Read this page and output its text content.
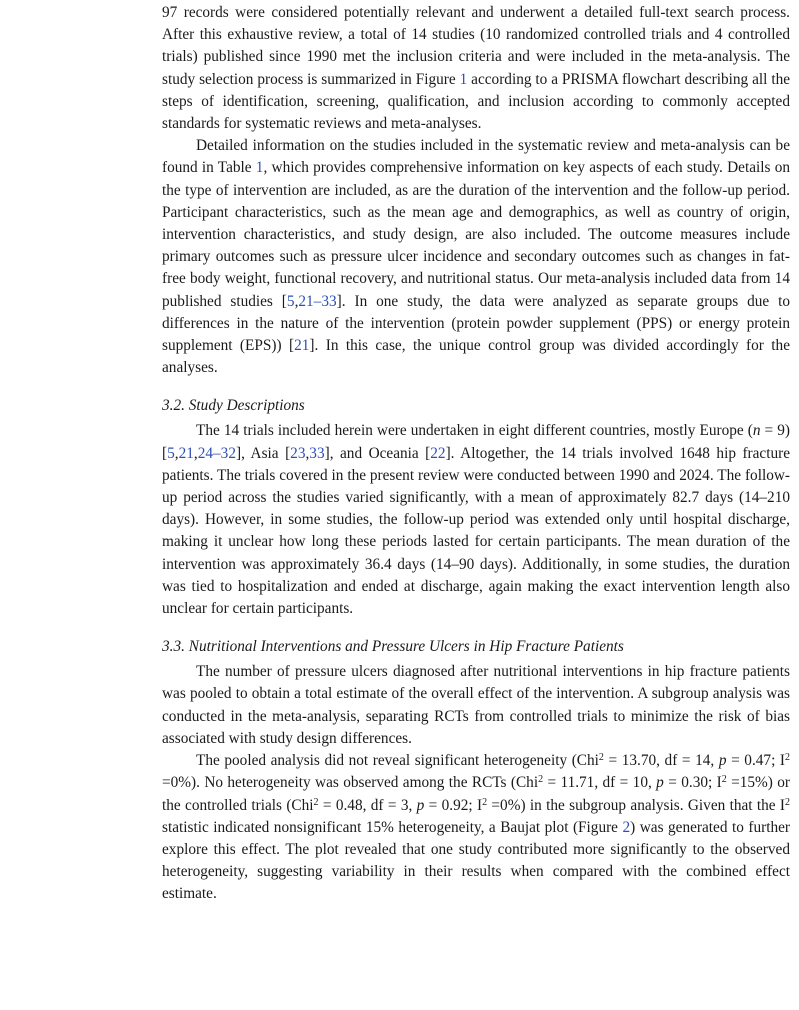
97 records were considered potentially relevant and underwent a detailed full-text search process. After this exhaustive review, a total of 14 studies (10 randomized controlled trials and 4 controlled trials) published since 1990 met the inclusion criteria and were included in the meta-analysis. The study selection process is summarized in Figure 1 according to a PRISMA flowchart describing all the steps of identification, screening, qualification, and inclusion according to commonly accepted standards for systematic reviews and meta-analyses.

Detailed information on the studies included in the systematic review and meta-analysis can be found in Table 1, which provides comprehensive information on key aspects of each study. Details on the type of intervention are included, as are the duration of the intervention and the follow-up period. Participant characteristics, such as the mean age and demographics, as well as country of origin, intervention characteristics, and study design, are also included. The outcome measures include primary outcomes such as pressure ulcer incidence and secondary outcomes such as changes in fat-free body weight, functional recovery, and nutritional status. Our meta-analysis included data from 14 published studies [5,21–33]. In one study, the data were analyzed as separate groups due to differences in the nature of the intervention (protein powder supplement (PPS) or energy protein supplement (EPS)) [21]. In this case, the unique control group was divided accordingly for the analyses.

3.2. Study Descriptions

The 14 trials included herein were undertaken in eight different countries, mostly Europe (n = 9) [5,21,24–32], Asia [23,33], and Oceania [22]. Altogether, the 14 trials involved 1648 hip fracture patients. The trials covered in the present review were conducted between 1990 and 2024. The follow-up period across the studies varied significantly, with a mean of approximately 82.7 days (14–210 days). However, in some studies, the follow-up period was extended only until hospital discharge, making it unclear how long these periods lasted for certain participants. The mean duration of the intervention was approximately 36.4 days (14–90 days). Additionally, in some studies, the duration was tied to hospitalization and ended at discharge, again making the exact intervention length also unclear for certain participants.

3.3. Nutritional Interventions and Pressure Ulcers in Hip Fracture Patients

The number of pressure ulcers diagnosed after nutritional interventions in hip fracture patients was pooled to obtain a total estimate of the overall effect of the intervention. A subgroup analysis was conducted in the meta-analysis, separating RCTs from controlled trials to minimize the risk of bias associated with study design differences.

The pooled analysis did not reveal significant heterogeneity (Chi$^2$ = 13.70, df = 14, p = 0.47; $I^2 =0\%$). No heterogeneity was observed among the RCTs (Chi$^2$ = 11.71, df = 10, p = 0.30; $I^2 =15\%$) or the controlled trials (Chi$^2$ = 0.48, df = 3, p = 0.92; $I^2 =0\%$) in the subgroup analysis. Given that the $I^2$ statistic indicated nonsignificant 15% heterogeneity, a Baujat plot (Figure 2) was generated to further explore this effect. The plot revealed that one study contributed more significantly to the observed heterogeneity, suggesting variability in their results when compared with the combined effect estimate.
